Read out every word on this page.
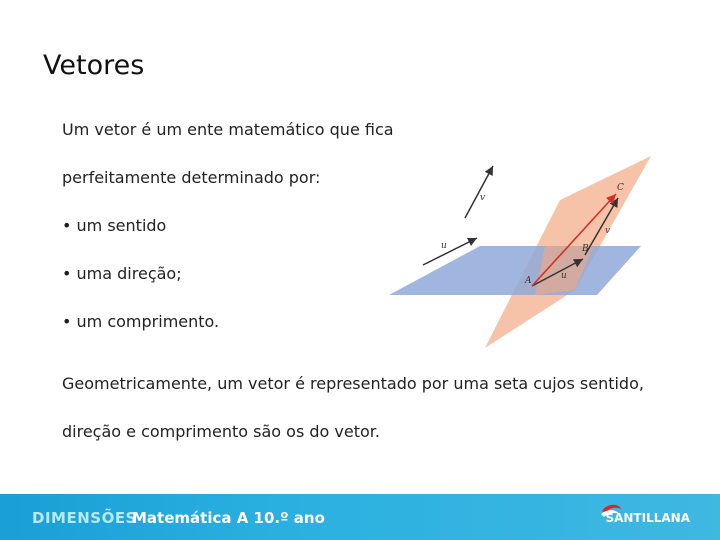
Vetores
Um vetor é um ente matemático que fica
perfeitamente determinado por:
• um sentido
• uma direção;
• um comprimento.
Geometricamente, um vetor é representado por uma seta cujos sentido,
direção e comprimento são os do vetor.
v
u
C
B
A	u
v
DIMENSÕES
Matemática A 10.º ano	SANTILLANA
